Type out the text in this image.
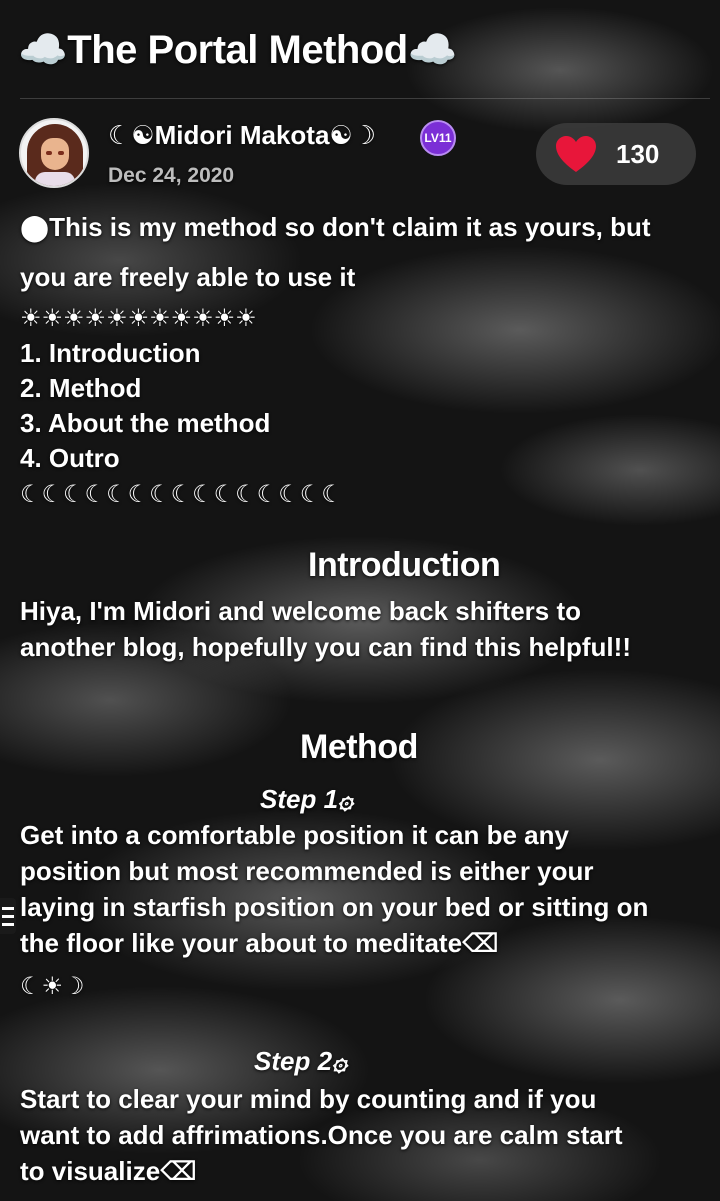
☁️The Portal Method☁️
☾☯Midori Makota☯☽	LV11
Dec 24, 2020
130
⬤This is my method so don't claim it as yours, but
you are freely able to use it
☀☀☀☀☀☀☀☀☀☀☀
1. Introduction
2. Method
3. About the method
4. Outro
☾☾☾☾☾☾☾☾☾☾☾☾☾☾☾
Introduction
Hiya, I'm Midori and welcome back shifters to
another blog, hopefully you can find this helpful!!
Method
Step 1۞
Get into a comfortable position it can be any
position but most recommended is either your
laying in starfish position on your bed or sitting on
the floor like your about to meditate⌫
☾☀☽
Step 2۞
Start to clear your mind by counting and if you
want to add affrimations.Once you are calm start
to visualize⌫
